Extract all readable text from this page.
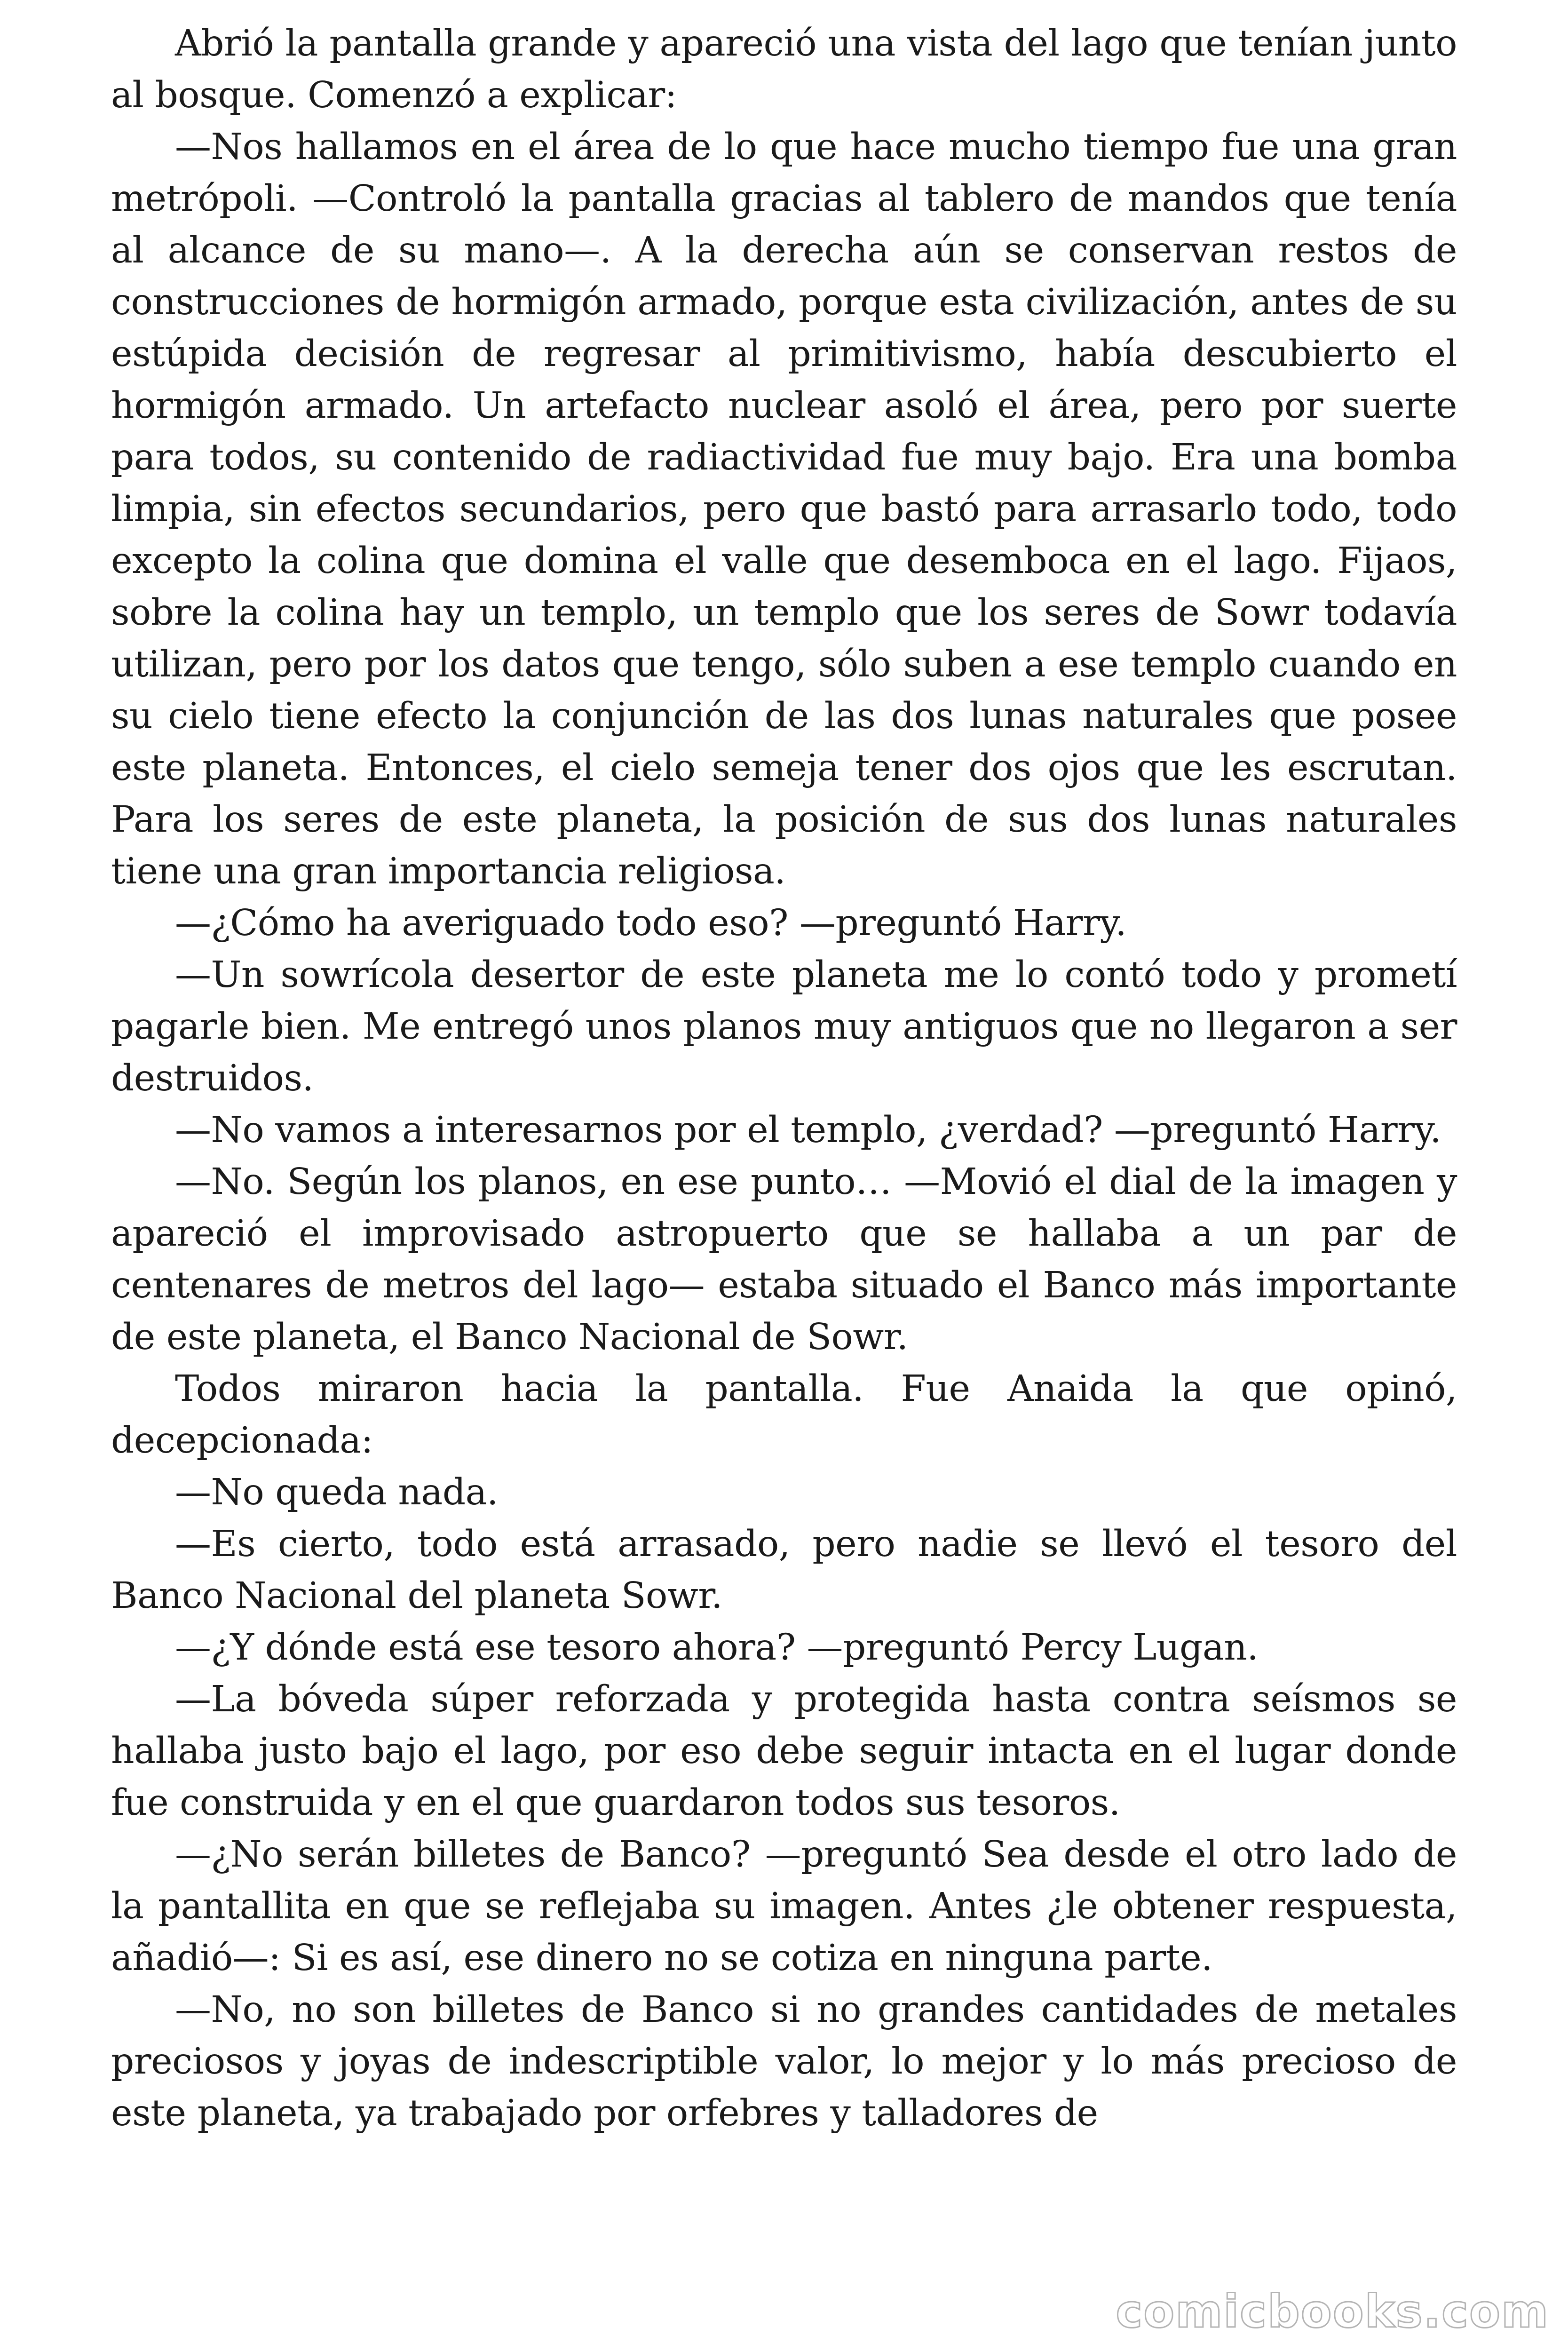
Abrió la pantalla grande y apareció una vista del lago que tenían junto al bosque. Comenzó a explicar:

—Nos hallamos en el área de lo que hace mucho tiempo fue una gran metrópoli. —Controló la pantalla gracias al tablero de mandos que tenía al alcance de su mano—. A la derecha aún se conservan restos de construcciones de hormigón armado, porque esta civilización, antes de su estúpida decisión de regresar al primitivismo, había descubierto el hormigón armado. Un artefacto nuclear asoló el área, pero por suerte para todos, su contenido de radiactividad fue muy bajo. Era una bomba limpia, sin efectos secundarios, pero que bastó para arrasarlo todo, todo excepto la colina que domina el valle que desemboca en el lago. Fijaos, sobre la colina hay un templo, un templo que los seres de Sowr todavía utilizan, pero por los datos que tengo, sólo suben a ese templo cuando en su cielo tiene efecto la conjunción de las dos lunas naturales que posee este planeta. Entonces, el cielo semeja tener dos ojos que les escrutan. Para los seres de este planeta, la posición de sus dos lunas naturales tiene una gran importancia religiosa.

—¿Cómo ha averiguado todo eso? —preguntó Harry.

—Un sowrícola desertor de este planeta me lo contó todo y prometí pagarle bien. Me entregó unos planos muy antiguos que no llegaron a ser destruidos.

—No vamos a interesarnos por el templo, ¿verdad? —preguntó Harry.

—No. Según los planos, en ese punto… —Movió el dial de la imagen y apareció el improvisado astropuerto que se hallaba a un par de centenares de metros del lago— estaba situado el Banco más importante de este planeta, el Banco Nacional de Sowr.

Todos miraron hacia la pantalla. Fue Anaida la que opinó, decepcionada:

—No queda nada.

—Es cierto, todo está arrasado, pero nadie se llevó el tesoro del Banco Nacional del planeta Sowr.

—¿Y dónde está ese tesoro ahora? —preguntó Percy Lugan.

—La bóveda súper reforzada y protegida hasta contra seísmos se hallaba justo bajo el lago, por eso debe seguir intacta en el lugar donde fue construida y en el que guardaron todos sus tesoros.

—¿No serán billetes de Banco? —preguntó Sea desde el otro lado de la pantallita en que se reflejaba su imagen. Antes ¿le obtener respuesta, añadió—: Si es así, ese dinero no se cotiza en ninguna parte.

—No, no son billetes de Banco si no grandes cantidades de metales preciosos y joyas de indescriptible valor, lo mejor y lo más precioso de este planeta, ya trabajado por orfebres y talladores de

comicbooks.com
